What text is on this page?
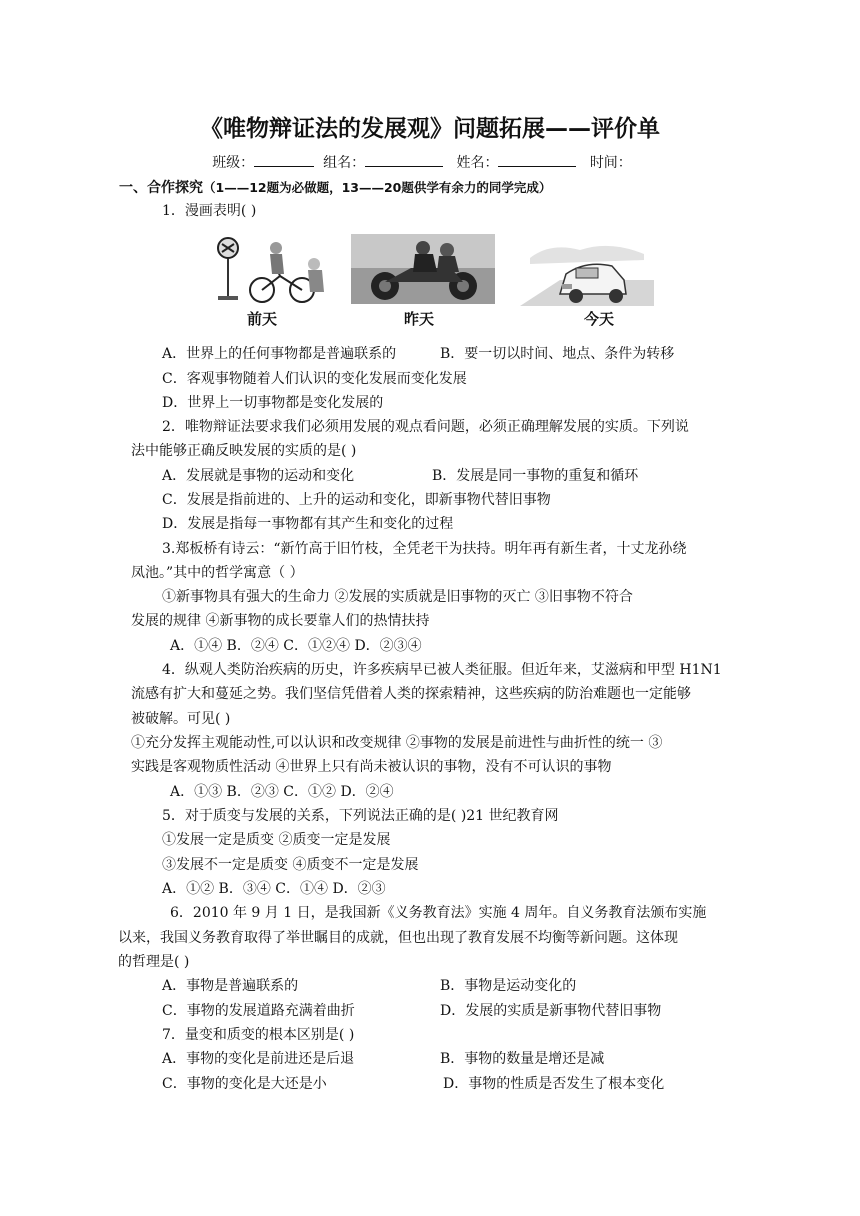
《唯物辩证法的发展观》问题拓展——评价单
班级：	组名：	姓名：	时间：
一、合作探究（1——12题为必做题，13——20题供学有余力的同学完成）
1．漫画表明( )
前天	昨天	今天
A．世界上的任何事物都是普遍联系的	B．要一切以时间、地点、条件为转移
C．客观事物随着人们认识的变化发展而变化发展
D．世界上一切事物都是变化发展的
2．唯物辩证法要求我们必须用发展的观点看问题，必须正确理解发展的实质。下列说
法中能够正确反映发展的实质的是( )
A．发展就是事物的运动和变化	B．发展是同一事物的重复和循环
C．发展是指前进的、上升的运动和变化，即新事物代替旧事物
D．发展是指每一事物都有其产生和变化的过程
3.郑板桥有诗云：“新竹高于旧竹枝，全凭老干为扶持。明年再有新生者，十丈龙孙绕
凤池。”其中的哲学寓意（ ）
①新事物具有强大的生命力 ②发展的实质就是旧事物的灭亡 ③旧事物不符合
发展的规律 ④新事物的成长要靠人们的热情扶持
A．①④ B．②④ C．①②④ D．②③④
4．纵观人类防治疾病的历史，许多疾病早已被人类征服。但近年来，艾滋病和甲型 H1N1
流感有扩大和蔓延之势。我们坚信凭借着人类的探索精神，这些疾病的防治难题也一定能够
被破解。可见( )
①充分发挥主观能动性,可以认识和改变规律 ②事物的发展是前进性与曲折性的统一 ③
实践是客观物质性活动 ④世界上只有尚未被认识的事物，没有不可认识的事物
A．①③ B．②③ C．①② D．②④
5．对于质变与发展的关系，下列说法正确的是( )21 世纪教育网
①发展一定是质变 ②质变一定是发展
③发展不一定是质变 ④质变不一定是发展
A．①② B．③④ C．①④ D．②③
6．2010 年 9 月 1 日，是我国新《义务教育法》实施 4 周年。自义务教育法颁布实施
以来，我国义务教育取得了举世瞩目的成就，但也出现了教育发展不均衡等新问题。这体现
的哲理是( )
A．事物是普遍联系的	B．事物是运动变化的
C．事物的发展道路充满着曲折	D．发展的实质是新事物代替旧事物
7．量变和质变的根本区别是( )
A．事物的变化是前进还是后退	B．事物的数量是增还是减
C．事物的变化是大还是小	D．事物的性质是否发生了根本变化
